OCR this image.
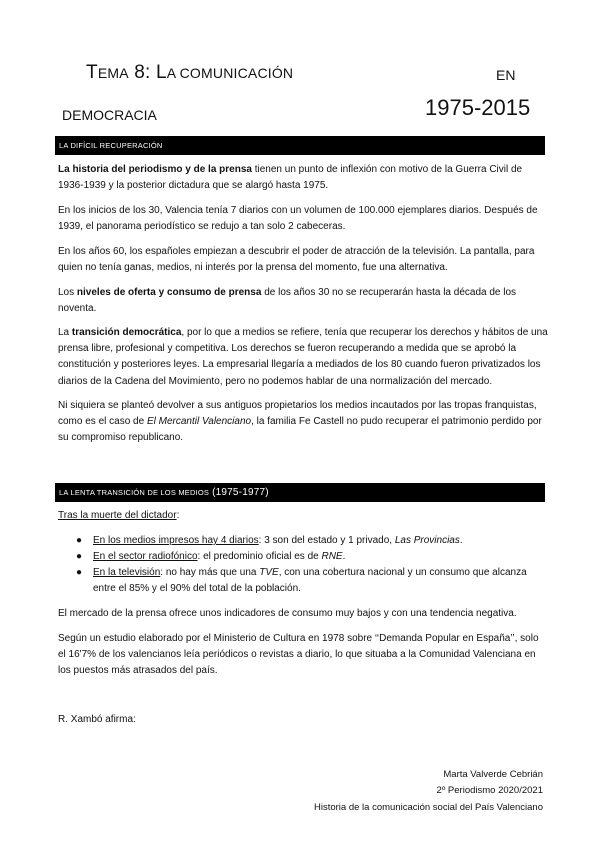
TEMA 8: LA COMUNICACIÓN	EN
DEMOCRACIA	1975-2015
LA DIFÍCIL RECUPERACIÓN

La historia del periodismo y de la prensa tienen un punto de inflexión con motivo de la Guerra Civil de 1936-1939 y la posterior dictadura que se alargó hasta 1975.

En los inicios de los 30, Valencia tenía 7 diarios con un volumen de 100.000 ejemplares diarios. Después de 1939, el panorama periodístico se redujo a tan solo 2 cabeceras.

En los años 60, los españoles empiezan a descubrir el poder de atracción de la televisión. La pantalla, para quien no tenía ganas, medios, ni interés por la prensa del momento, fue una alternativa.

Los niveles de oferta y consumo de prensa de los años 30 no se recuperarán hasta la década de los noventa.

La transición democrática, por lo que a medios se refiere, tenía que recuperar los derechos y hábitos de una prensa libre, profesional y competitiva. Los derechos se fueron recuperando a medida que se aprobó la constitución y posteriores leyes. La empresarial llegaría a mediados de los 80 cuando fueron privatizados los diarios de la Cadena del Movimiento, pero no podemos hablar de una normalización del mercado.

Ni siquiera se planteó devolver a sus antiguos propietarios los medios incautados por las tropas franquistas, como es el caso de El Mercantil Valenciano, la familia Fe Castell no pudo recuperar el patrimonio perdido por su compromiso republicano.

LA LENTA TRANSICIÓN DE LOS MEDIOS (1975-1977)

Tras la muerte del dictador:

● En los medios impresos hay 4 diarios: 3 son del estado y 1 privado, Las Provincias.
● En el sector radiofónico: el predominio oficial es de RNE.
● En la televisión: no hay más que una TVE, con una cobertura nacional y un consumo que alcanza entre el 85% y el 90% del total de la población.

El mercado de la prensa ofrece unos indicadores de consumo muy bajos y con una tendencia negativa.

Según un estudio elaborado por el Ministerio de Cultura en 1978 sobre ‘‘Demanda Popular en España’’, solo el 16'7% de los valencianos leía periódicos o revistas a diario, lo que situaba a la Comunidad Valenciana en los puestos más atrasados del país.

R. Xambó afirma:

Marta Valverde Cebrián
2º Periodismo 2020/2021
Historia de la comunicación social del País Valenciano
